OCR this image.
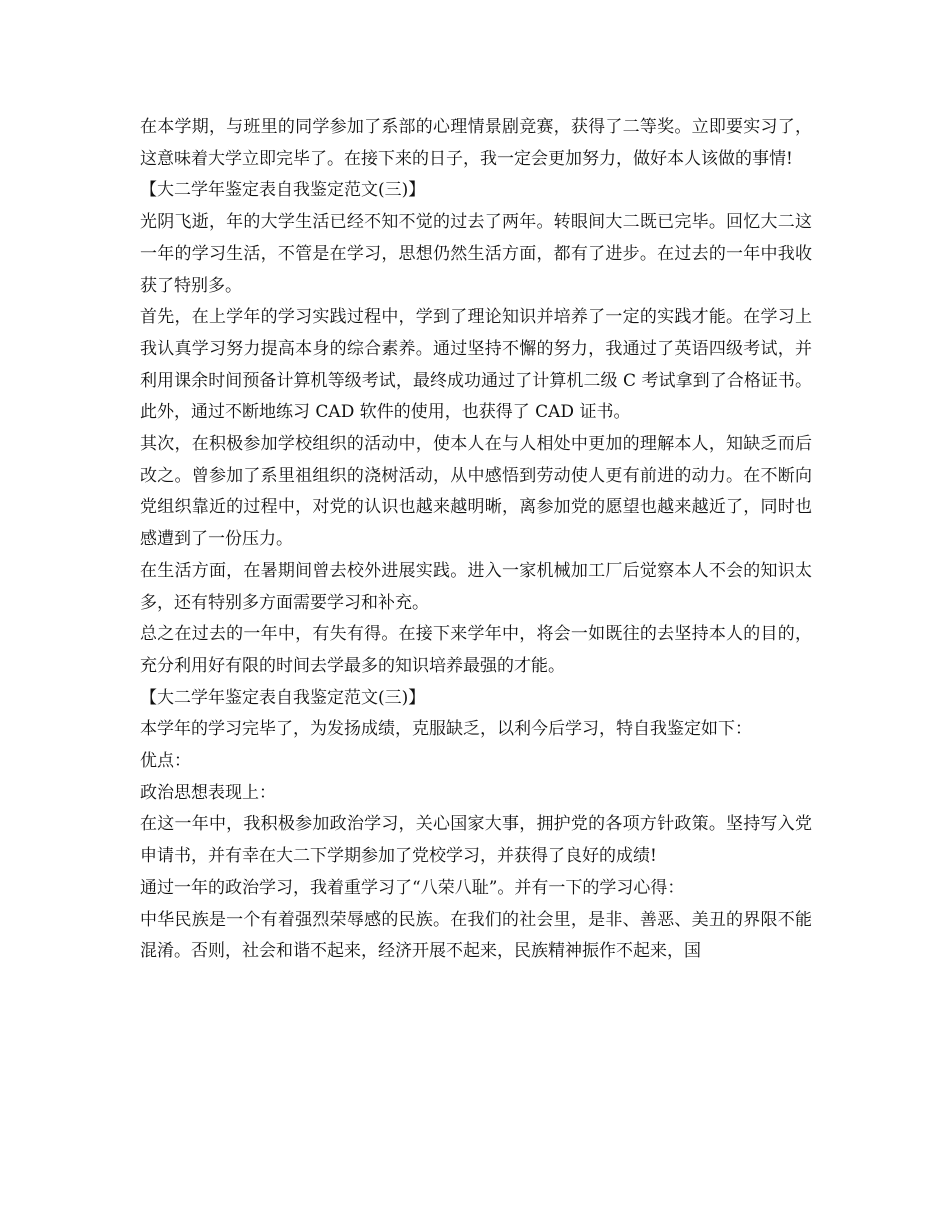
在本学期，与班里的同学参加了系部的心理情景剧竞赛，获得了二等奖。立即要实习了，这意味着大学立即完毕了。在接下来的日子，我一定会更加努力，做好本人该做的事情!

【大二学年鉴定表自我鉴定范文(三)】

光阴飞逝，年的大学生活已经不知不觉的过去了两年。转眼间大二既已完毕。回忆大二这一年的学习生活，不管是在学习，思想仍然生活方面，都有了进步。在过去的一年中我收获了特别多。

首先，在上学年的学习实践过程中，学到了理论知识并培养了一定的实践才能。在学习上我认真学习努力提高本身的综合素养。通过坚持不懈的努力，我通过了英语四级考试，并利用课余时间预备计算机等级考试，最终成功通过了计算机二级 C 考试拿到了合格证书。此外，通过不断地练习 CAD 软件的使用，也获得了 CAD 证书。

其次，在积极参加学校组织的活动中，使本人在与人相处中更加的理解本人，知缺乏而后改之。曾参加了系里祖组织的浇树活动，从中感悟到劳动使人更有前进的动力。在不断向党组织靠近的过程中，对党的认识也越来越明晰，离参加党的愿望也越来越近了，同时也感遭到了一份压力。

在生活方面，在暑期间曾去校外进展实践。进入一家机械加工厂后觉察本人不会的知识太多，还有特别多方面需要学习和补充。

总之在过去的一年中，有失有得。在接下来学年中，将会一如既往的去坚持本人的目的，充分利用好有限的时间去学最多的知识培养最强的才能。

【大二学年鉴定表自我鉴定范文(三)】

本学年的学习完毕了，为发扬成绩，克服缺乏，以利今后学习，特自我鉴定如下：

优点：

政治思想表现上：

在这一年中，我积极参加政治学习，关心国家大事，拥护党的各项方针政策。坚持写入党申请书，并有幸在大二下学期参加了党校学习，并获得了良好的成绩!

通过一年的政治学习，我着重学习了“八荣八耻”。并有一下的学习心得：

中华民族是一个有着强烈荣辱感的民族。在我们的社会里，是非、善恶、美丑的界限不能混淆。否则，社会和谐不起来，经济开展不起来，民族精神振作不起来，国
